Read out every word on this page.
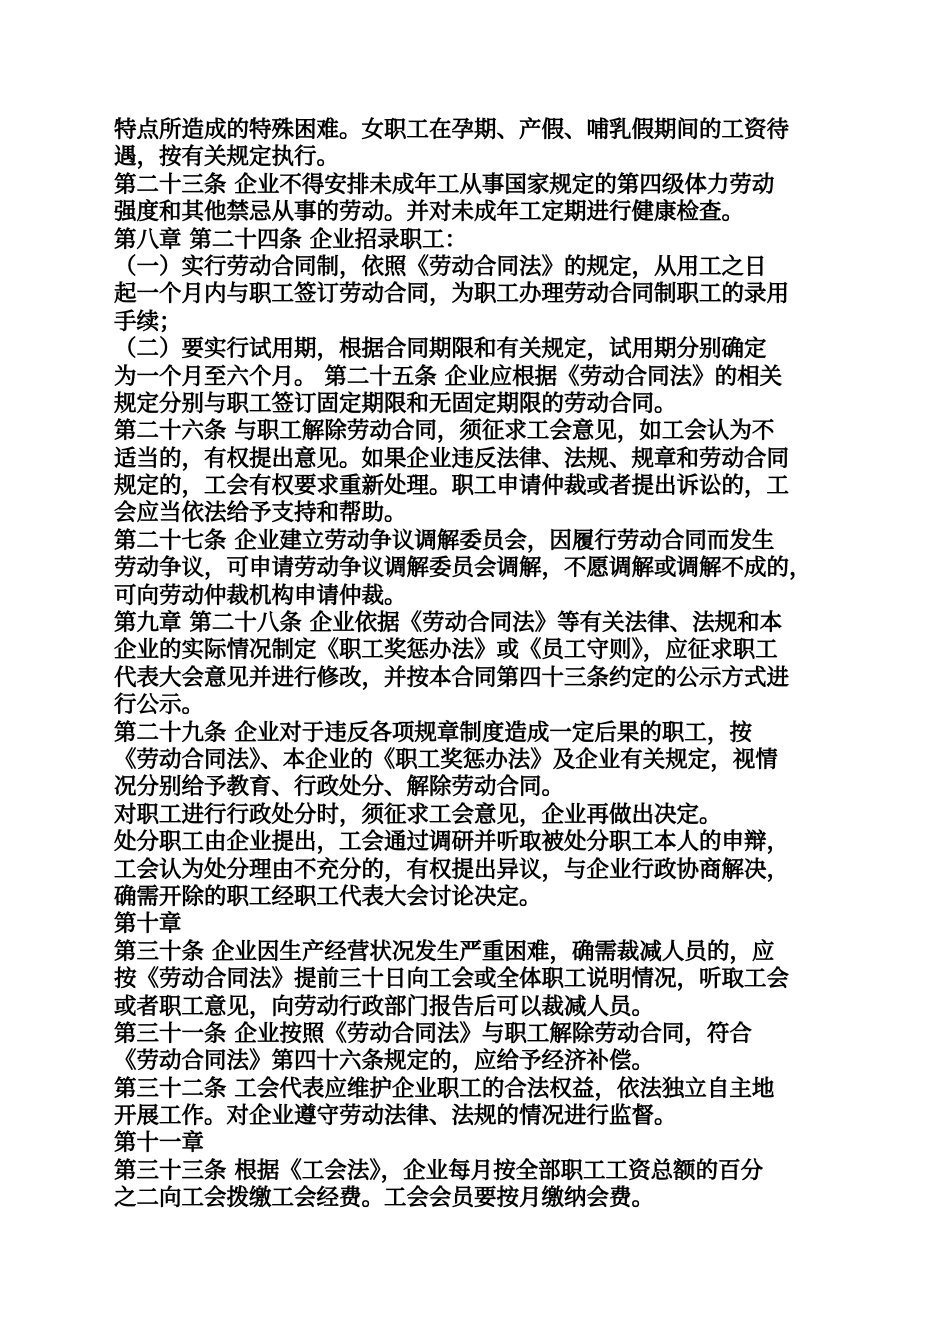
特点所造成的特殊困难。女职工在孕期、产假、哺乳假期间的工资待
遇，按有关规定执行。
第二十三条 企业不得安排未成年工从事国家规定的第四级体力劳动
强度和其他禁忌从事的劳动。并对未成年工定期进行健康检查。
第八章 第二十四条 企业招录职工：
（一）实行劳动合同制，依照《劳动合同法》的规定，从用工之日
起一个月内与职工签订劳动合同，为职工办理劳动合同制职工的录用
手续；
（二）要实行试用期，根据合同期限和有关规定，试用期分别确定
为一个月至六个月。 第二十五条 企业应根据《劳动合同法》的相关
规定分别与职工签订固定期限和无固定期限的劳动合同。
第二十六条 与职工解除劳动合同，须征求工会意见，如工会认为不
适当的，有权提出意见。如果企业违反法律、法规、规章和劳动合同
规定的，工会有权要求重新处理。职工申请仲裁或者提出诉讼的，工
会应当依法给予支持和帮助。
第二十七条 企业建立劳动争议调解委员会，因履行劳动合同而发生
劳动争议，可申请劳动争议调解委员会调解，不愿调解或调解不成的，
可向劳动仲裁机构申请仲裁。
第九章 第二十八条 企业依据《劳动合同法》等有关法律、法规和本
企业的实际情况制定《职工奖惩办法》或《员工守则》，应征求职工
代表大会意见并进行修改，并按本合同第四十三条约定的公示方式进
行公示。
第二十九条 企业对于违反各项规章制度造成一定后果的职工，按
《劳动合同法》、本企业的《职工奖惩办法》及企业有关规定，视情
况分别给予教育、行政处分、解除劳动合同。
对职工进行行政处分时，须征求工会意见，企业再做出决定。
处分职工由企业提出，工会通过调研并听取被处分职工本人的申辩，
工会认为处分理由不充分的，有权提出异议，与企业行政协商解决，
确需开除的职工经职工代表大会讨论决定。
第十章
第三十条 企业因生产经营状况发生严重困难，确需裁减人员的，应
按《劳动合同法》提前三十日向工会或全体职工说明情况，听取工会
或者职工意见，向劳动行政部门报告后可以裁减人员。
第三十一条 企业按照《劳动合同法》与职工解除劳动合同，符合
《劳动合同法》第四十六条规定的，应给予经济补偿。
第三十二条 工会代表应维护企业职工的合法权益，依法独立自主地
开展工作。对企业遵守劳动法律、法规的情况进行监督。
第十一章
第三十三条 根据《工会法》，企业每月按全部职工工资总额的百分
之二向工会拨缴工会经费。工会会员要按月缴纳会费。
